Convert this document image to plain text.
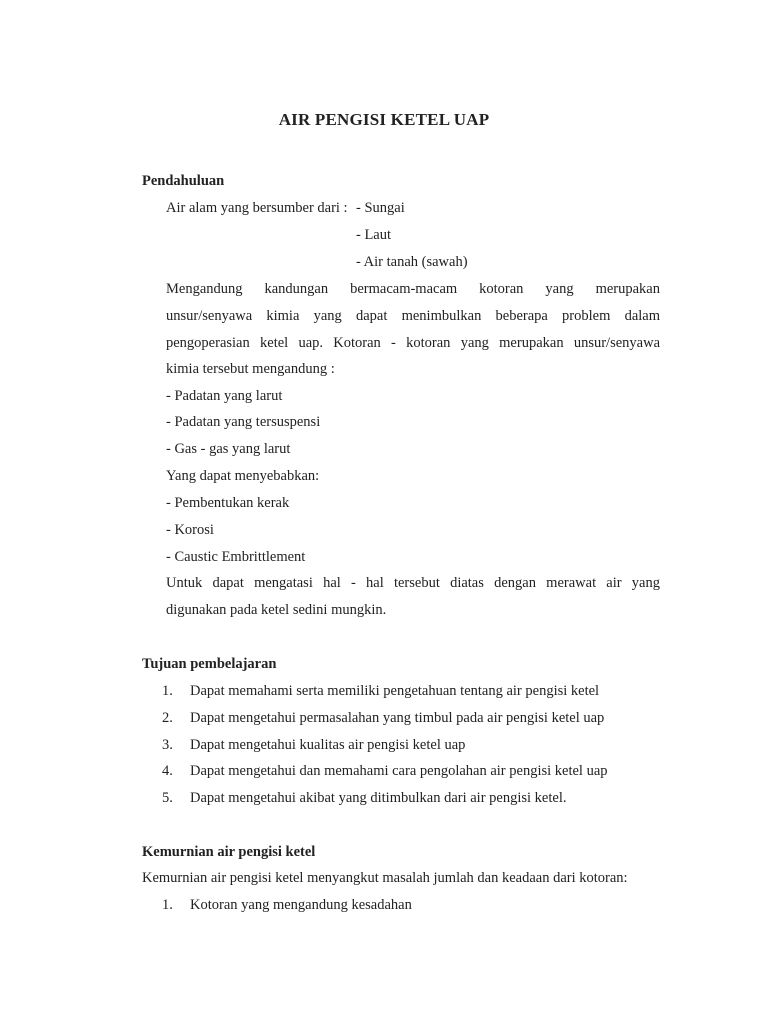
AIR PENGISI KETEL UAP
Pendahuluan
Air alam yang bersumber dari : - Sungai
- Laut
- Air tanah (sawah)
Mengandung kandungan bermacam-macam kotoran yang merupakan
unsur/senyawa kimia yang dapat menimbulkan beberapa problem dalam
pengoperasian ketel uap. Kotoran - kotoran yang merupakan unsur/senyawa
kimia tersebut mengandung :
- Padatan yang larut
- Padatan yang tersuspensi
- Gas - gas yang larut
Yang dapat menyebabkan:
- Pembentukan kerak
- Korosi
- Caustic Embrittlement
Untuk dapat mengatasi hal - hal tersebut diatas dengan merawat air yang
digunakan pada ketel sedini mungkin.
Tujuan pembelajaran
1. Dapat memahami serta memiliki pengetahuan tentang air pengisi ketel
2. Dapat mengetahui permasalahan yang timbul pada air pengisi ketel uap
3. Dapat mengetahui kualitas air pengisi ketel uap
4. Dapat mengetahui dan memahami cara pengolahan air pengisi ketel uap
5. Dapat mengetahui akibat yang ditimbulkan dari air pengisi ketel.
Kemurnian air pengisi ketel
Kemurnian air pengisi ketel menyangkut masalah jumlah dan keadaan dari kotoran:
1. Kotoran yang mengandung kesadahan
